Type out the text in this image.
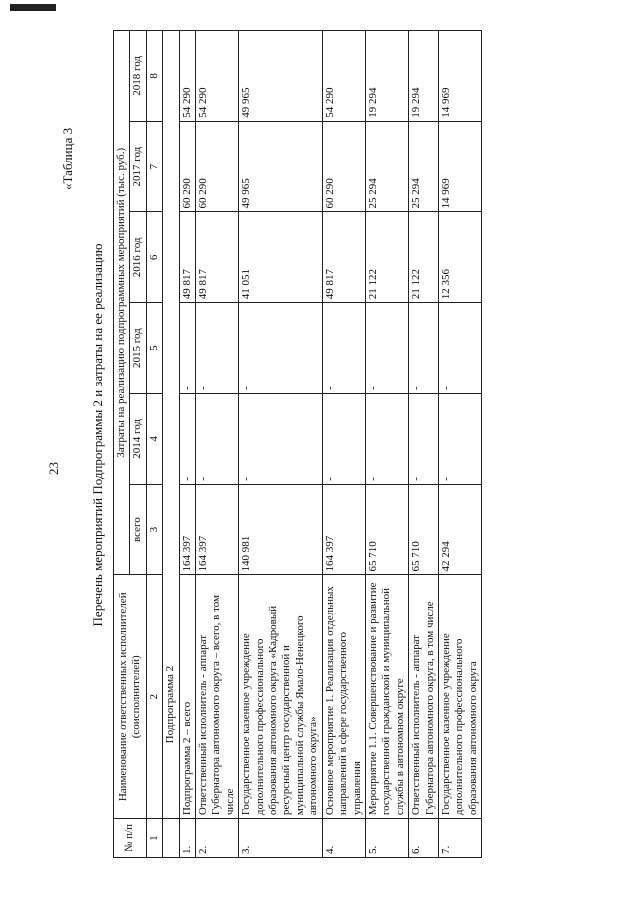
23
«Таблица 3
Перечень мероприятий Подпрограммы 2 и затраты на ее реализацию
№ п/п	Наименование ответственных исполнителей (соисполнителей)	Затраты на реализацию подпрограммных мероприятий (тыс. руб.)					
		всего	2014 год	2015 год	2016 год	2017 год	2018 год
1	2	3	4	5	6	7	8
	Подпрограмма 2						
1.	Подпрограмма 2 – всего	164 397	-	-	49 817	60 290	54 290
2.	Ответственный исполнитель - аппарат Губернатора автономного округа – всего, в том числе	164 397	-	-	49 817	60 290	54 290
3.	Государственное казенное учреждение дополнительного профессионального образования автономного округа «Кадровый ресурсный центр государственной и муниципальной службы Ямало-Ненецкого автономного округа»	140 981	-	-	41 051	49 965	49 965
4.	Основное мероприятие 1. Реализация отдельных направлений в сфере государственного управления	164 397	-	-	49 817	60 290	54 290
5.	Мероприятие 1.1. Совершенствование и развитие государственной гражданской и муниципальной службы в автономном округе	65 710	-	-	21 122	25 294	19 294
6.	Ответственный исполнитель - аппарат Губернатора автономного округа, в том числе	65 710	-	-	21 122	25 294	19 294
7.	Государственное казенное учреждение дополнительного профессионального образования автономного округа	42 294	-	-	12 356	14 969	14 969
